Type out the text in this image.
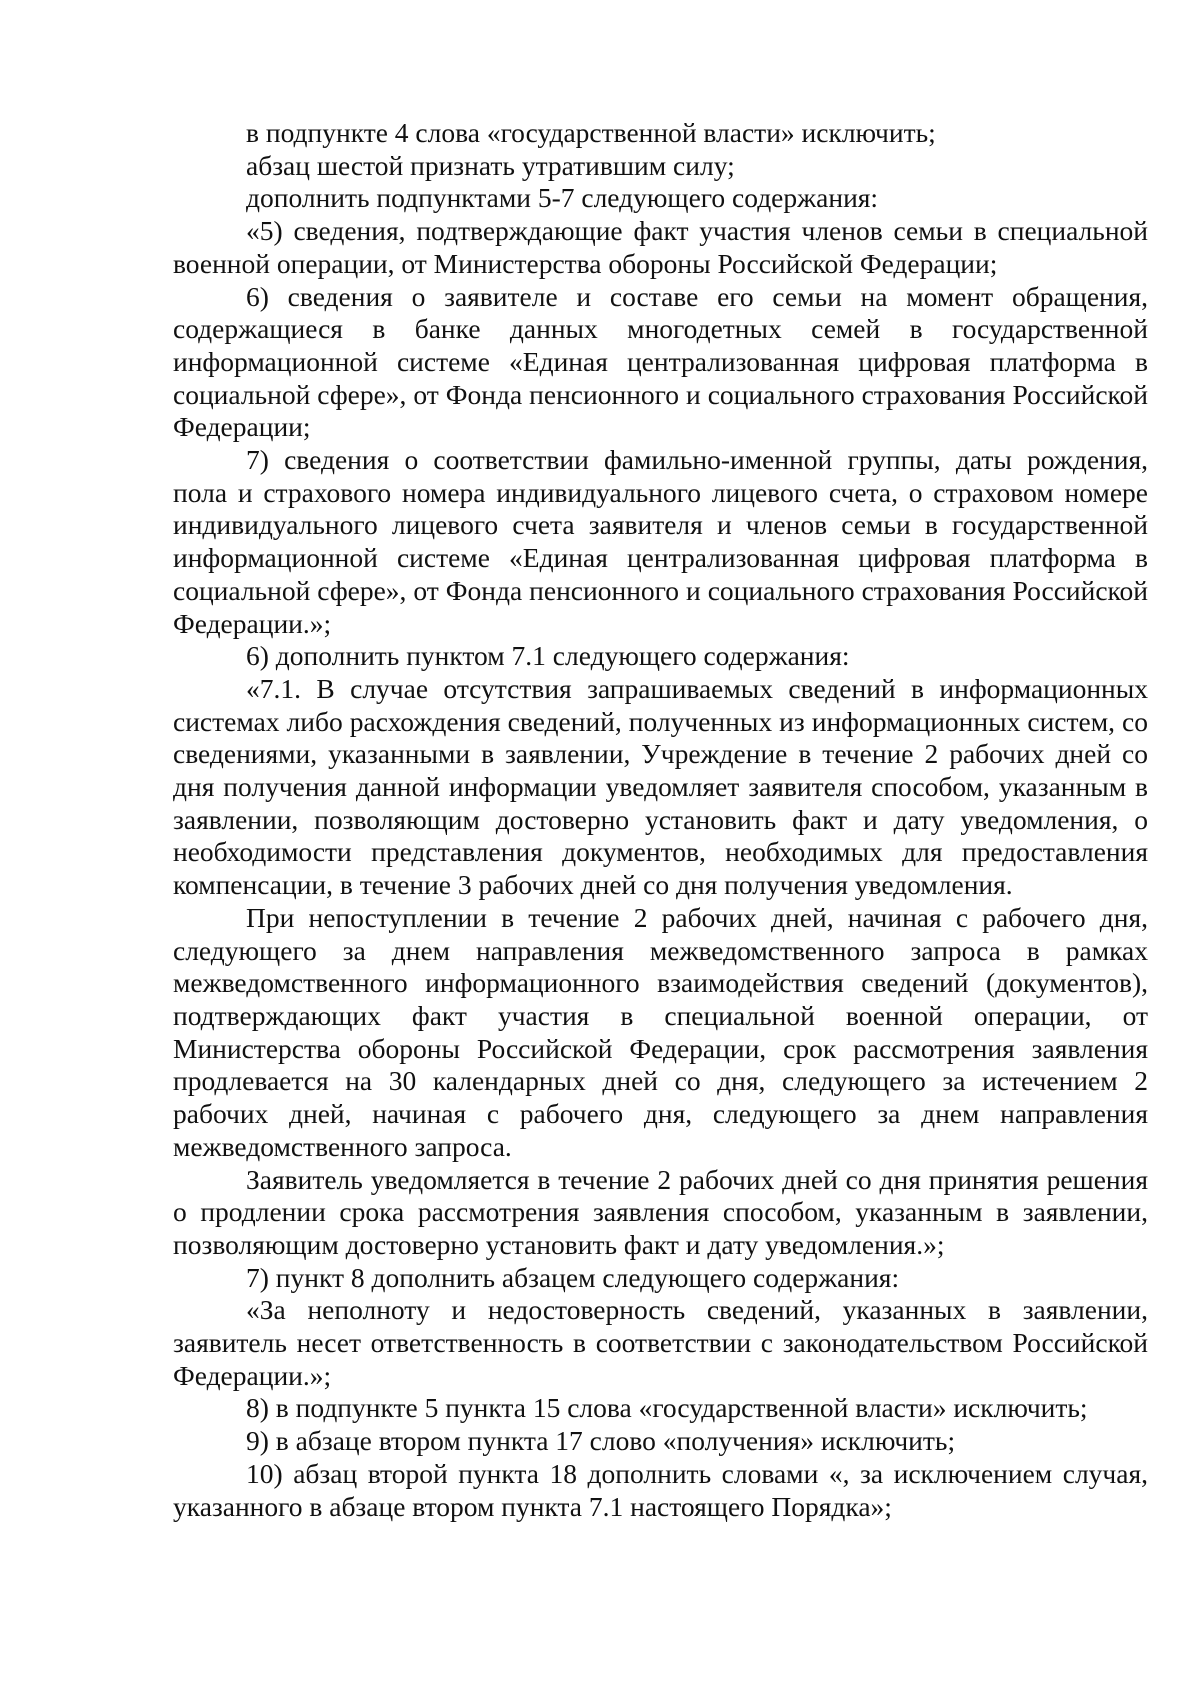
в подпункте 4 слова «государственной власти» исключить;

абзац шестой признать утратившим силу;

дополнить подпунктами 5-7 следующего содержания:

«5) сведения, подтверждающие факт участия членов семьи в специальной военной операции, от Министерства обороны Российской Федерации;

6) сведения о заявителе и составе его семьи на момент обращения, содержащиеся в банке данных многодетных семей в государственной информационной системе «Единая централизованная цифровая платформа в социальной сфере», от Фонда пенсионного и социального страхования Российской Федерации;

7) сведения о соответствии фамильно-именной группы, даты рождения, пола и страхового номера индивидуального лицевого счета, о страховом номере индивидуального лицевого счета заявителя и членов семьи в государственной информационной системе «Единая централизованная цифровая платформа в социальной сфере», от Фонда пенсионного и социального страхования Российской Федерации.»;

6) дополнить пунктом 7.1 следующего содержания:

«7.1. В случае отсутствия запрашиваемых сведений в информационных системах либо расхождения сведений, полученных из информационных систем, со сведениями, указанными в заявлении, Учреждение в течение 2 рабочих дней со дня получения данной информации уведомляет заявителя способом, указанным в заявлении, позволяющим достоверно установить факт и дату уведомления, о необходимости представления документов, необходимых для предоставления компенсации, в течение 3 рабочих дней со дня получения уведомления.

При непоступлении в течение 2 рабочих дней, начиная с рабочего дня, следующего за днем направления межведомственного запроса в рамках межведомственного информационного взаимодействия сведений (документов), подтверждающих факт участия в специальной военной операции, от Министерства обороны Российской Федерации, срок рассмотрения заявления продлевается на 30 календарных дней со дня, следующего за истечением 2 рабочих дней, начиная с рабочего дня, следующего за днем направления межведомственного запроса.

Заявитель уведомляется в течение 2 рабочих дней со дня принятия решения о продлении срока рассмотрения заявления способом, указанным в заявлении, позволяющим достоверно установить факт и дату уведомления.»;

7) пункт 8 дополнить абзацем следующего содержания:

«За неполноту и недостоверность сведений, указанных в заявлении, заявитель несет ответственность в соответствии с законодательством Российской Федерации.»;

8) в подпункте 5 пункта 15 слова «государственной власти» исключить;

9) в абзаце втором пункта 17 слово «получения» исключить;

10) абзац второй пункта 18 дополнить словами «, за исключением случая, указанного в абзаце втором пункта 7.1 настоящего Порядка»;
